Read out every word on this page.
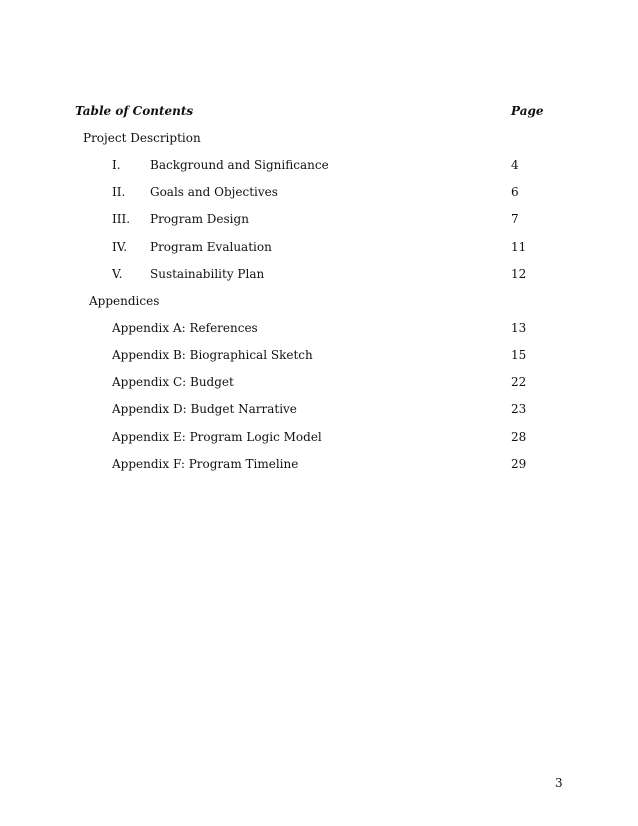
Table of Contents	Page
Project Description
I. Background and Significance	4
II. Goals and Objectives	6
III. Program Design	7
IV. Program Evaluation	11
V. Sustainability Plan	12
Appendices
Appendix A: References	13
Appendix B: Biographical Sketch	15
Appendix C: Budget	22
Appendix D: Budget Narrative	23
Appendix E: Program Logic Model	28
Appendix F: Program Timeline	29
3
